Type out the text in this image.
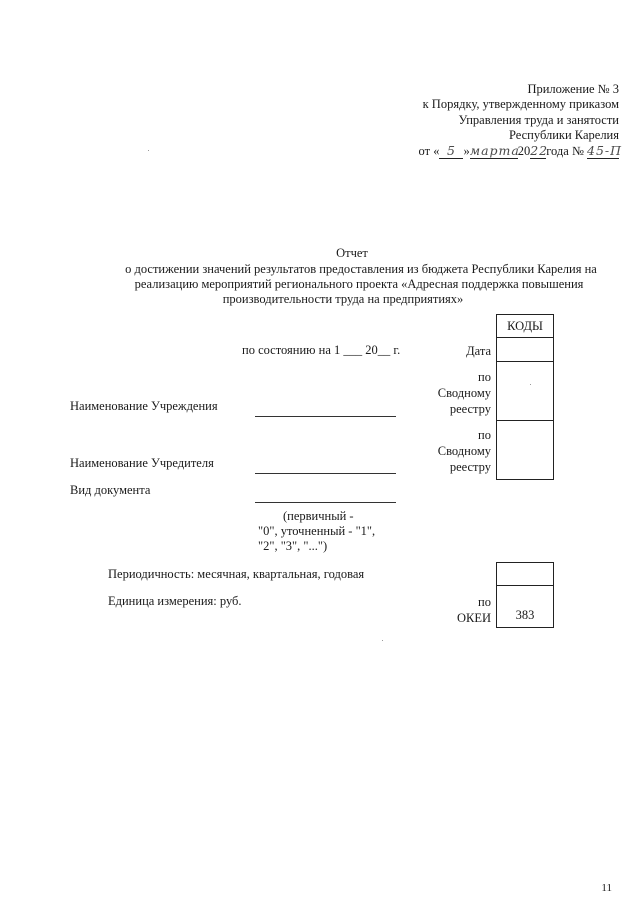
Приложение № 3
к Порядку, утвержденному приказом
Управления труда и занятости
Республики Карелия
от « 5 »марта2022года № 45-П
Отчет
о достижении значений результатов предоставления из бюджета Республики Карелия на
реализацию мероприятий регионального проекта «Адресная поддержка повышения
производительности труда на предприятиях»
КОДЫ
383
Дата
по
Сводному
реестру
по
Сводному
реестру
по
ОКЕИ
по состоянию на 1 ___ 20__ г.
Наименование Учреждения
Наименование Учредителя
Вид документа
(первичный -
"0", уточненный - "1",
"2", "3", "...")
Периодичность: месячная, квартальная, годовая
Единица измерения: руб.
11
